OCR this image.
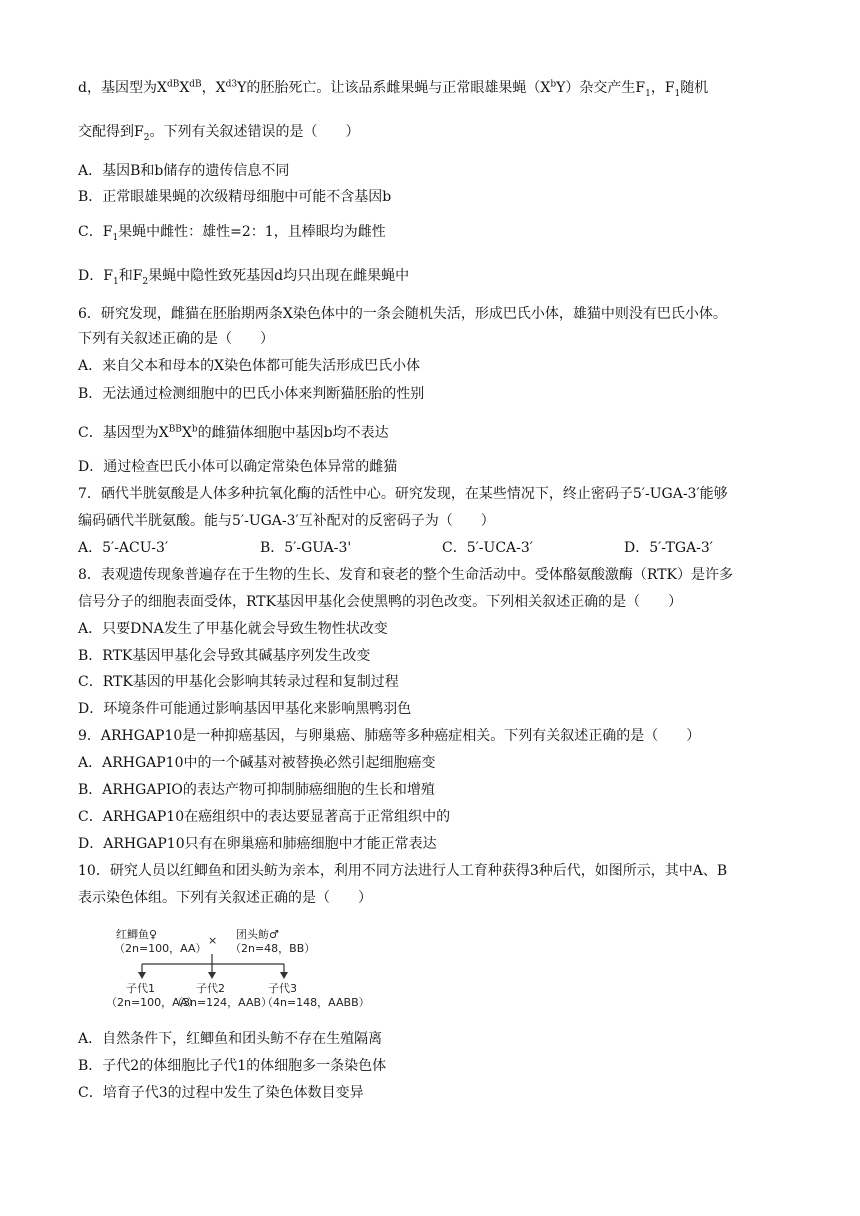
d，基因型为$X^{dB}X^{dB}$，$X^{d3}Y$的胚胎死亡。让该品系雌果蝇与正常眼雄果蝇$(X^bY)$杂交产生$F_1$，$F_1$随机
交配得到$F_2$。下列有关叙述错误的是（　　）
A．基因B和b储存的遗传信息不同
B．正常眼雄果蝇的次级精母细胞中可能不含基因b
C．$F_1$果蝇中雌性：雄性=2：1，且棒眼均为雌性
D．$F_1$和$F_2$果蝇中隐性致死基因d均只出现在雌果蝇中
6．研究发现，雌猫在胚胎期两条X染色体中的一条会随机失活，形成巴氏小体，雄猫中则没有巴氏小体。
下列有关叙述正确的是（　　）
A．来自父本和母本的X染色体都可能失活形成巴氏小体
B．无法通过检测细胞中的巴氏小体来判断猫胚胎的性别
C．基因型为$X^{BB}X^b$的雌猫体细胞中基因b均不表达
D．通过检查巴氏小体可以确定常染色体异常的雌猫
7．硒代半胱氨酸是人体多种抗氧化酶的活性中心。研究发现，在某些情况下，终止密码子5′-UGA-3′能够
编码硒代半胱氨酸。能与5′-UGA-3′互补配对的反密码子为（　　）
A．5′-ACU-3′	B．5′-GUA-3'	C．5′-UCA-3′	D．5′-TGA-3′
8．表观遗传现象普遍存在于生物的生长、发育和衰老的整个生命活动中。受体酪氨酸激酶（RTK）是许多
信号分子的细胞表面受体，RTK基因甲基化会使黑鸭的羽色改变。下列相关叙述正确的是（　　）
A．只要DNA发生了甲基化就会导致生物性状改变
B．RTK基因甲基化会导致其碱基序列发生改变
C．RTK基因的甲基化会影响其转录过程和复制过程
D．环境条件可能通过影响基因甲基化来影响黑鸭羽色
9．ARHGAP10是一种抑癌基因，与卵巢癌、肺癌等多种癌症相关。下列有关叙述正确的是（　　）
A．ARHGAP10中的一个碱基对被替换必然引起细胞癌变
B．ARHGAPIO的表达产物可抑制肺癌细胞的生长和增殖
C．ARHGAP10在癌组织中的表达要显著高于正常组织中的
D．ARHGAP10只有在卵巢癌和肺癌细胞中才能正常表达
10．研究人员以红鲫鱼和团头鲂为亲本，利用不同方法进行人工育种获得3种后代，如图所示，其中A、B
表示染色体组。下列有关叙述正确的是（　　）
红鲫鱼♀
（2n=100，AA）
× 团头鲂♂
（2n=48，BB）
子代1	子代2	子代3
（2n=100，AA）
（3n=124，AAB）
（4n=148，AABB）
A．自然条件下，红鲫鱼和团头鲂不存在生殖隔离
B．子代2的体细胞比子代1的体细胞多一条染色体
C．培育子代3的过程中发生了染色体数目变异
